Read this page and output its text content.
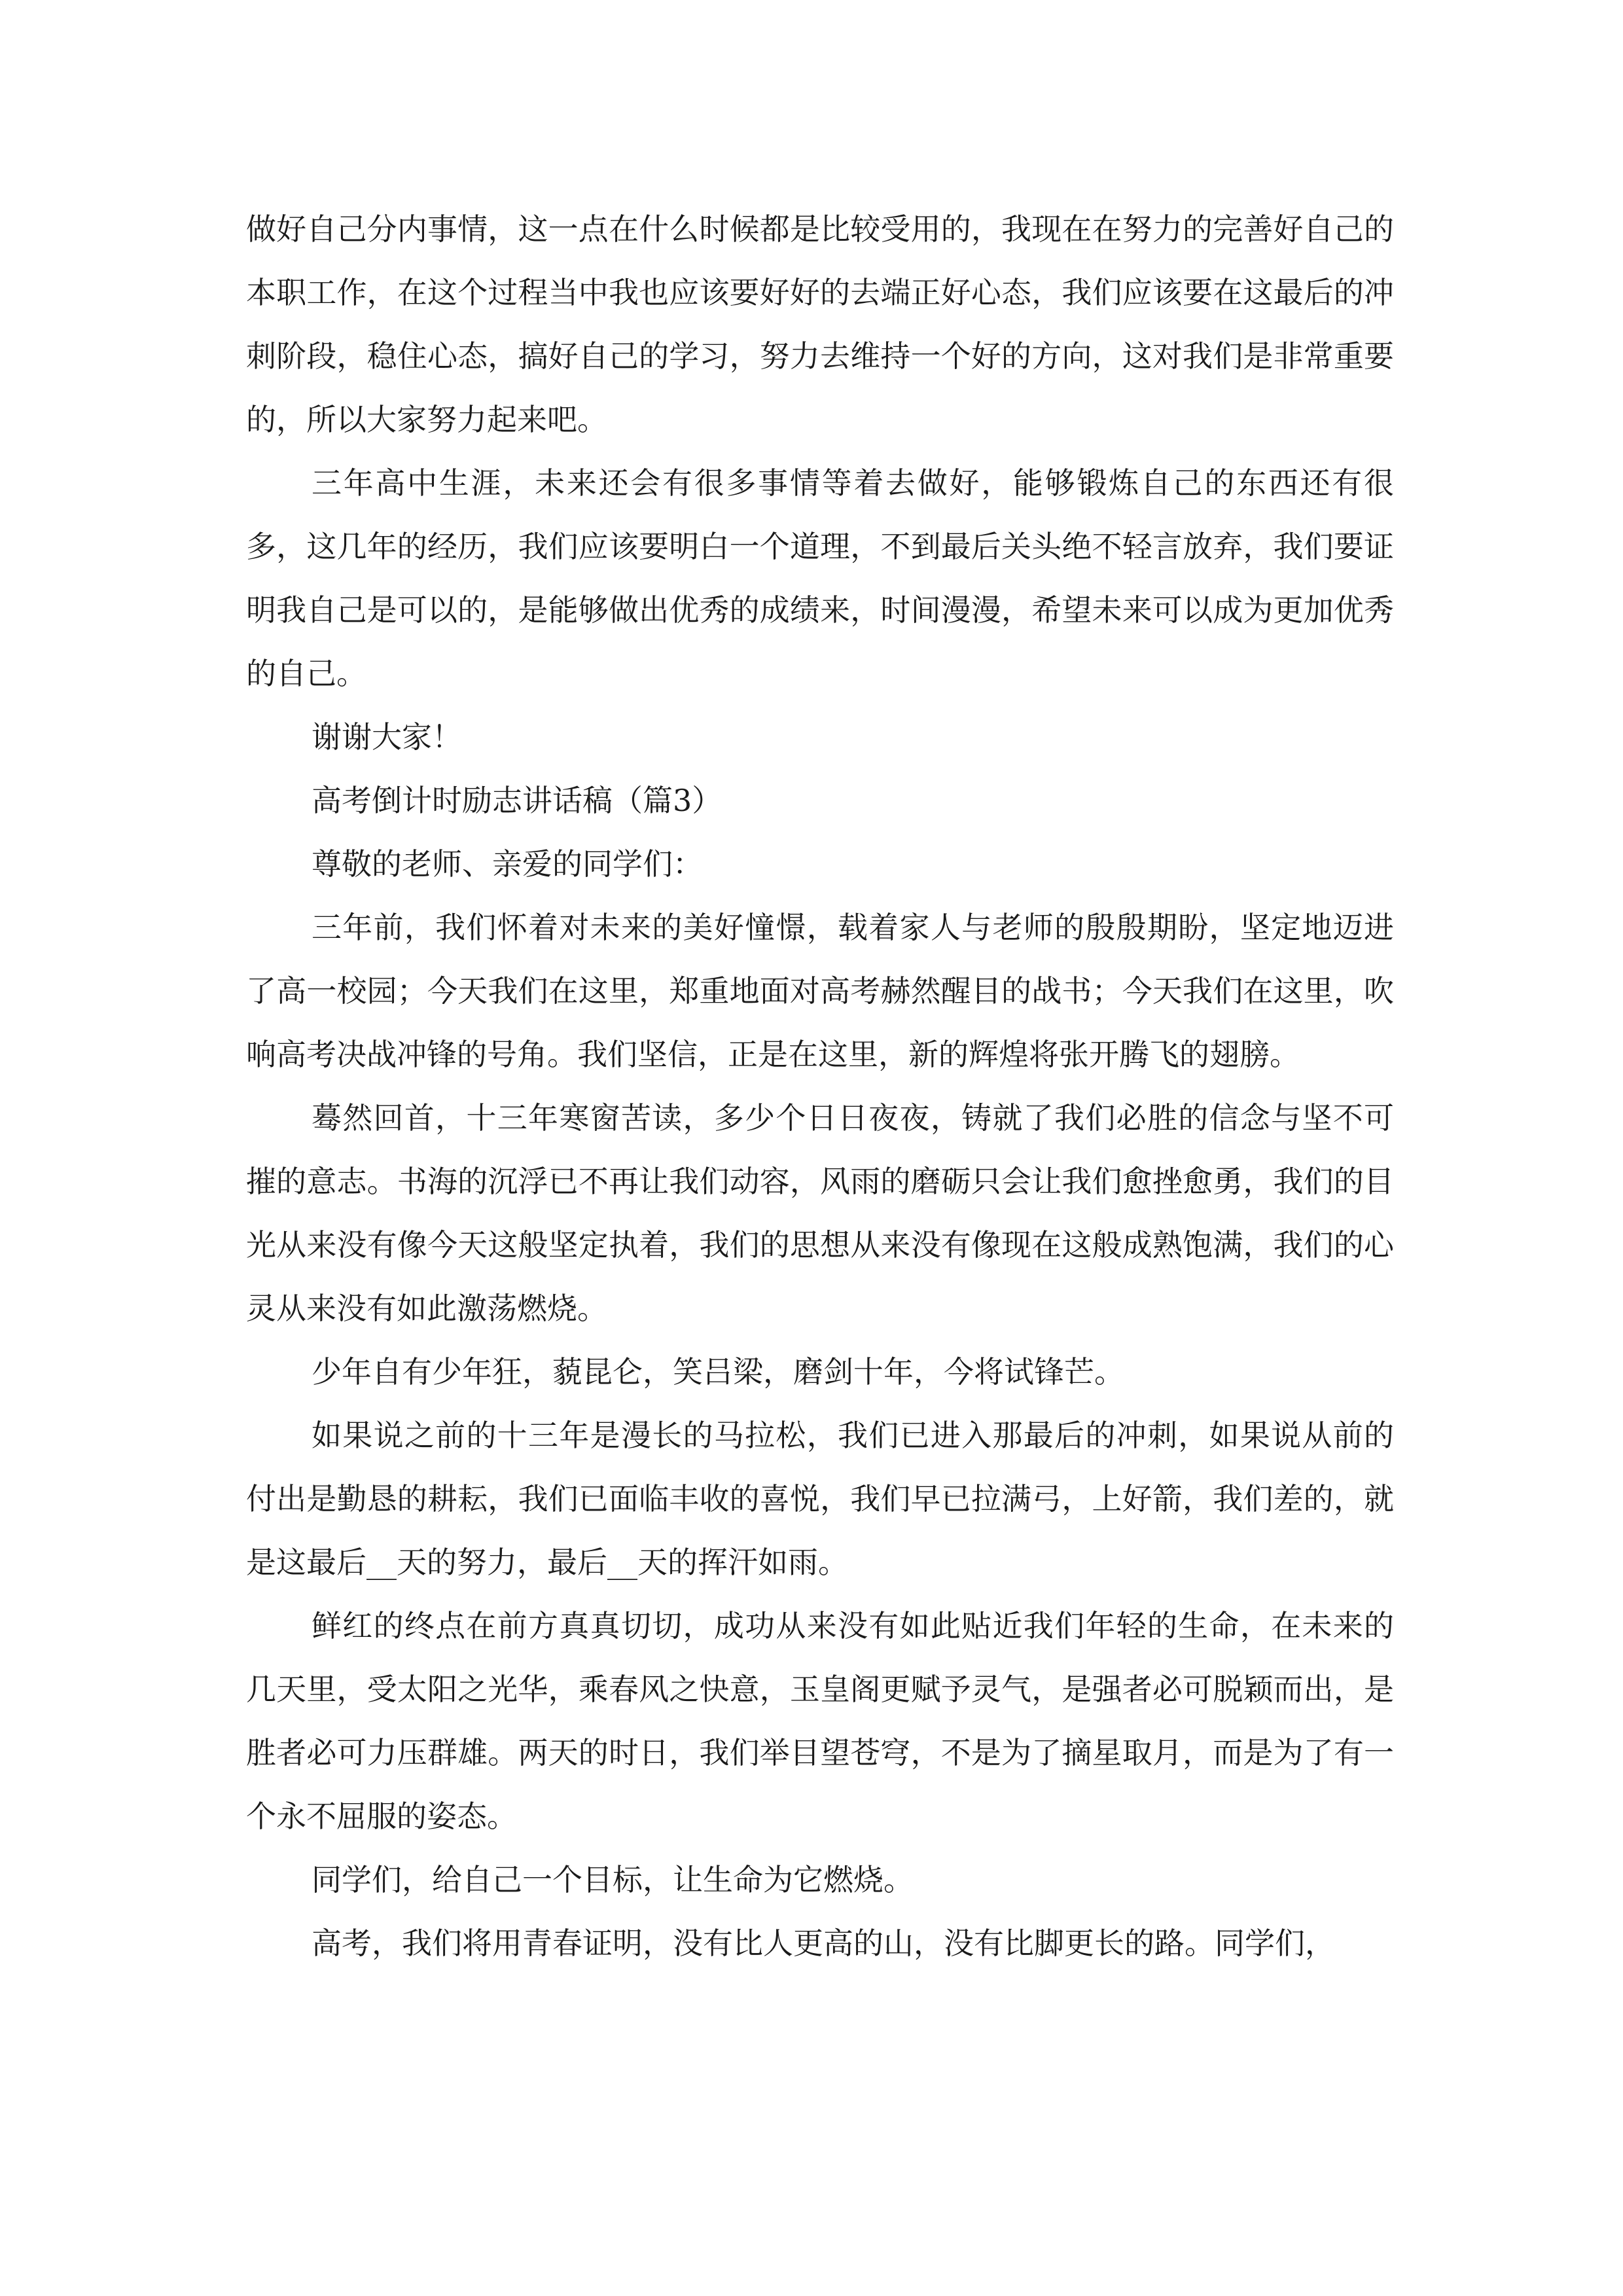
做好自己分内事情，这一点在什么时候都是比较受用的，我现在在努力的完善好自己的本职工作，在这个过程当中我也应该要好好的去端正好心态，我们应该要在这最后的冲刺阶段，稳住心态，搞好自己的学习，努力去维持一个好的方向，这对我们是非常重要的，所以大家努力起来吧。

三年高中生涯，未来还会有很多事情等着去做好，能够锻炼自己的东西还有很多，这几年的经历，我们应该要明白一个道理，不到最后关头绝不轻言放弃，我们要证明我自己是可以的，是能够做出优秀的成绩来，时间漫漫，希望未来可以成为更加优秀的自己。

谢谢大家！

高考倒计时励志讲话稿（篇3）

尊敬的老师、亲爱的同学们：

三年前，我们怀着对未来的美好憧憬，载着家人与老师的殷殷期盼，坚定地迈进了高一校园；今天我们在这里，郑重地面对高考赫然醒目的战书；今天我们在这里，吹响高考决战冲锋的号角。我们坚信，正是在这里，新的辉煌将张开腾飞的翅膀。

蓦然回首，十三年寒窗苦读，多少个日日夜夜，铸就了我们必胜的信念与坚不可摧的意志。书海的沉浮已不再让我们动容，风雨的磨砺只会让我们愈挫愈勇，我们的目光从来没有像今天这般坚定执着，我们的思想从来没有像现在这般成熟饱满，我们的心灵从来没有如此激荡燃烧。

少年自有少年狂，藐昆仑，笑吕梁，磨剑十年，今将试锋芒。

如果说之前的十三年是漫长的马拉松，我们已进入那最后的冲刺，如果说从前的付出是勤恳的耕耘，我们已面临丰收的喜悦，我们早已拉满弓，上好箭，我们差的，就是这最后__天的努力，最后__天的挥汗如雨。

鲜红的终点在前方真真切切，成功从来没有如此贴近我们年轻的生命，在未来的几天里，受太阳之光华，乘春风之快意，玉皇阁更赋予灵气，是强者必可脱颖而出，是胜者必可力压群雄。两天的时日，我们举目望苍穹，不是为了摘星取月，而是为了有一个永不屈服的姿态。

同学们，给自己一个目标，让生命为它燃烧。

高考，我们将用青春证明，没有比人更高的山，没有比脚更长的路。同学们，
